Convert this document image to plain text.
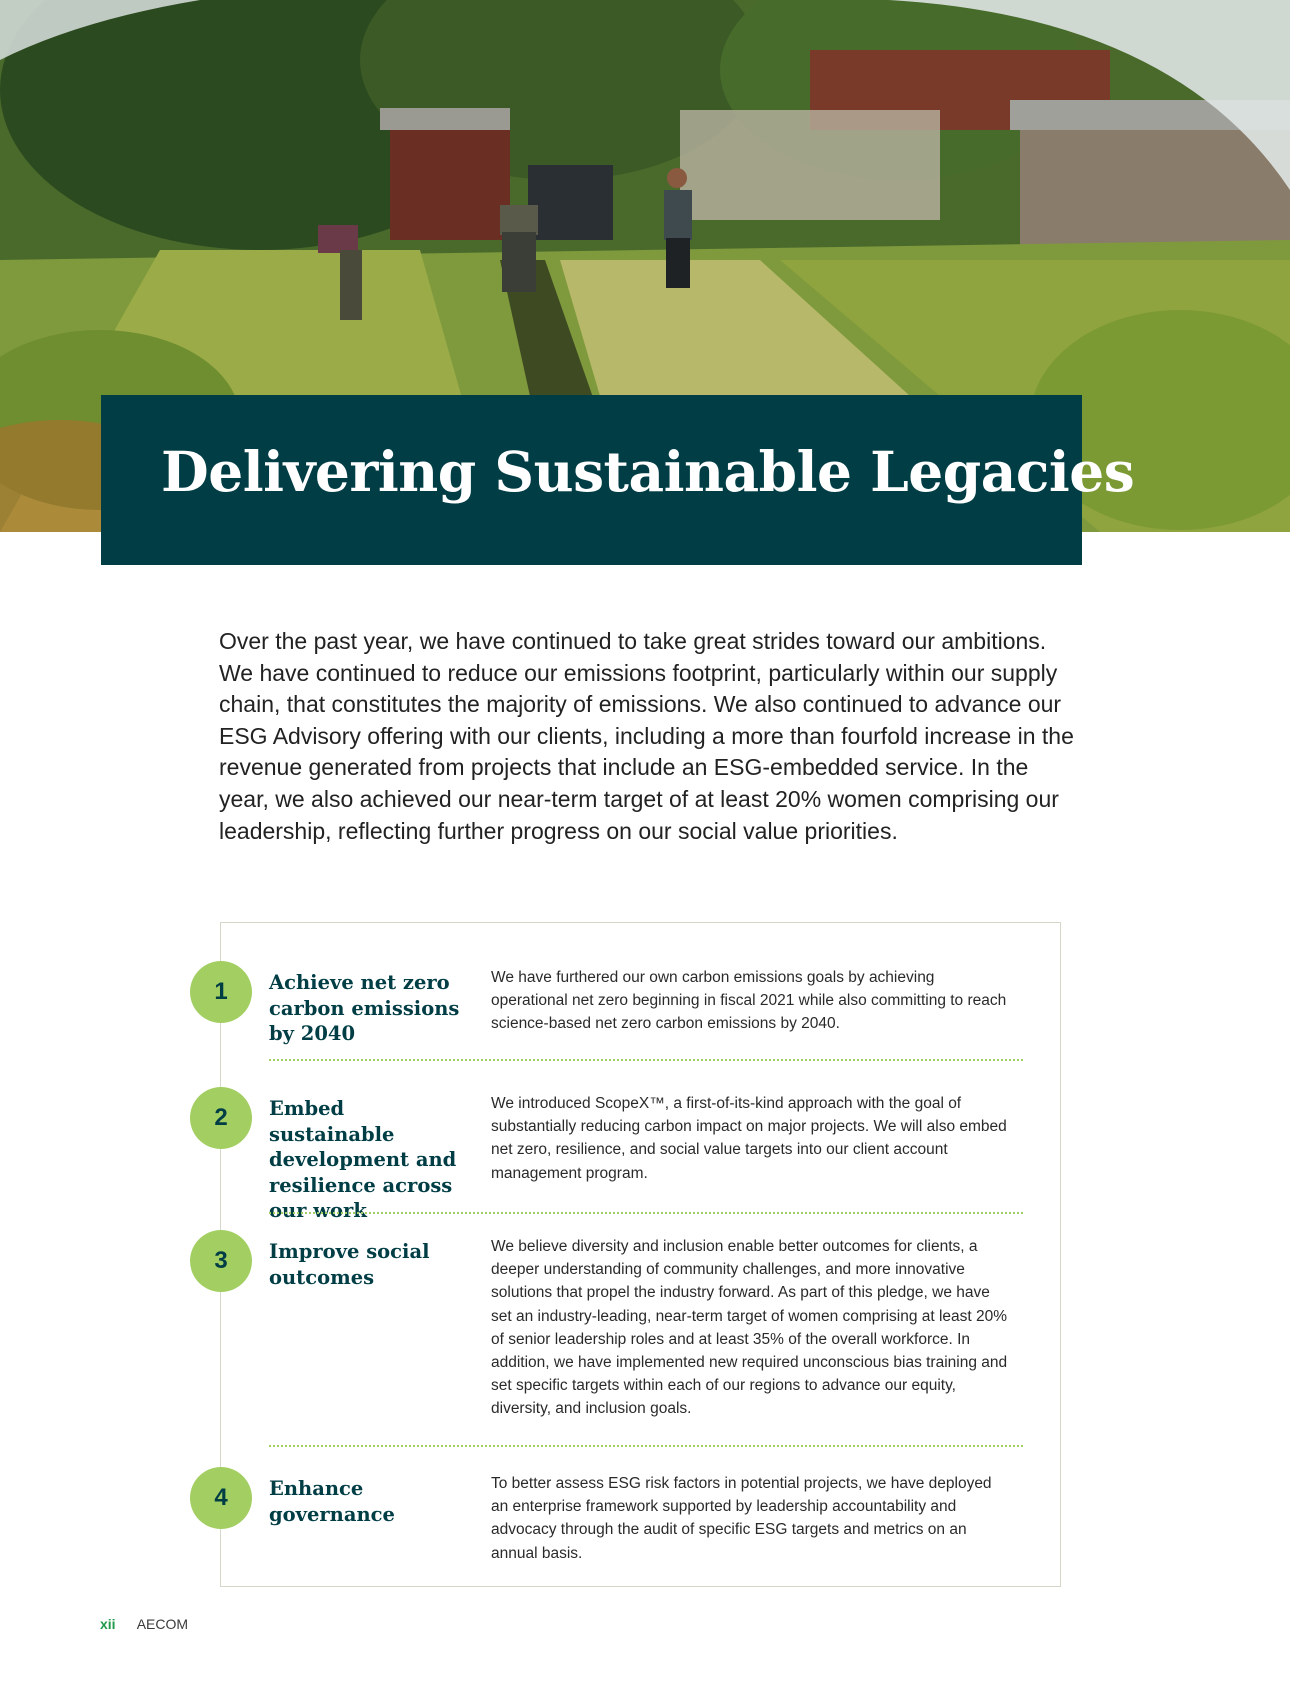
Delivering Sustainable Legacies

Over the past year, we have continued to take great strides toward our ambitions. We have continued to reduce our emissions footprint, particularly within our supply chain, that constitutes the majority of emissions. We also continued to advance our ESG Advisory offering with our clients, including a more than fourfold increase in the revenue generated from projects that include an ESG-embedded service. In the year, we also achieved our near-term target of at least 20% women comprising our leadership, reflecting further progress on our social value priorities.

1	Achieve net zero carbon emissions by 2040
We have furthered our own carbon emissions goals by achieving operational net zero beginning in fiscal 2021 while also committing to reach science-based net zero carbon emissions by 2040.
2	Embed sustainable development and resilience across our work
We introduced ScopeX™, a first-of-its-kind approach with the goal of substantially reducing carbon impact on major projects. We will also embed net zero, resilience, and social value targets into our client account management program.
3	Improve social outcomes
We believe diversity and inclusion enable better outcomes for clients, a deeper understanding of community challenges, and more innovative solutions that propel the industry forward. As part of this pledge, we have set an industry-leading, near-term target of women comprising at least 20% of senior leadership roles and at least 35% of the overall workforce. In addition, we have implemented new required unconscious bias training and set specific targets within each of our regions to advance our equity, diversity, and inclusion goals.
4	Enhance governance
To better assess ESG risk factors in potential projects, we have deployed an enterprise framework supported by leadership accountability and advocacy through the audit of specific ESG targets and metrics on an annual basis.
xii AECOM
